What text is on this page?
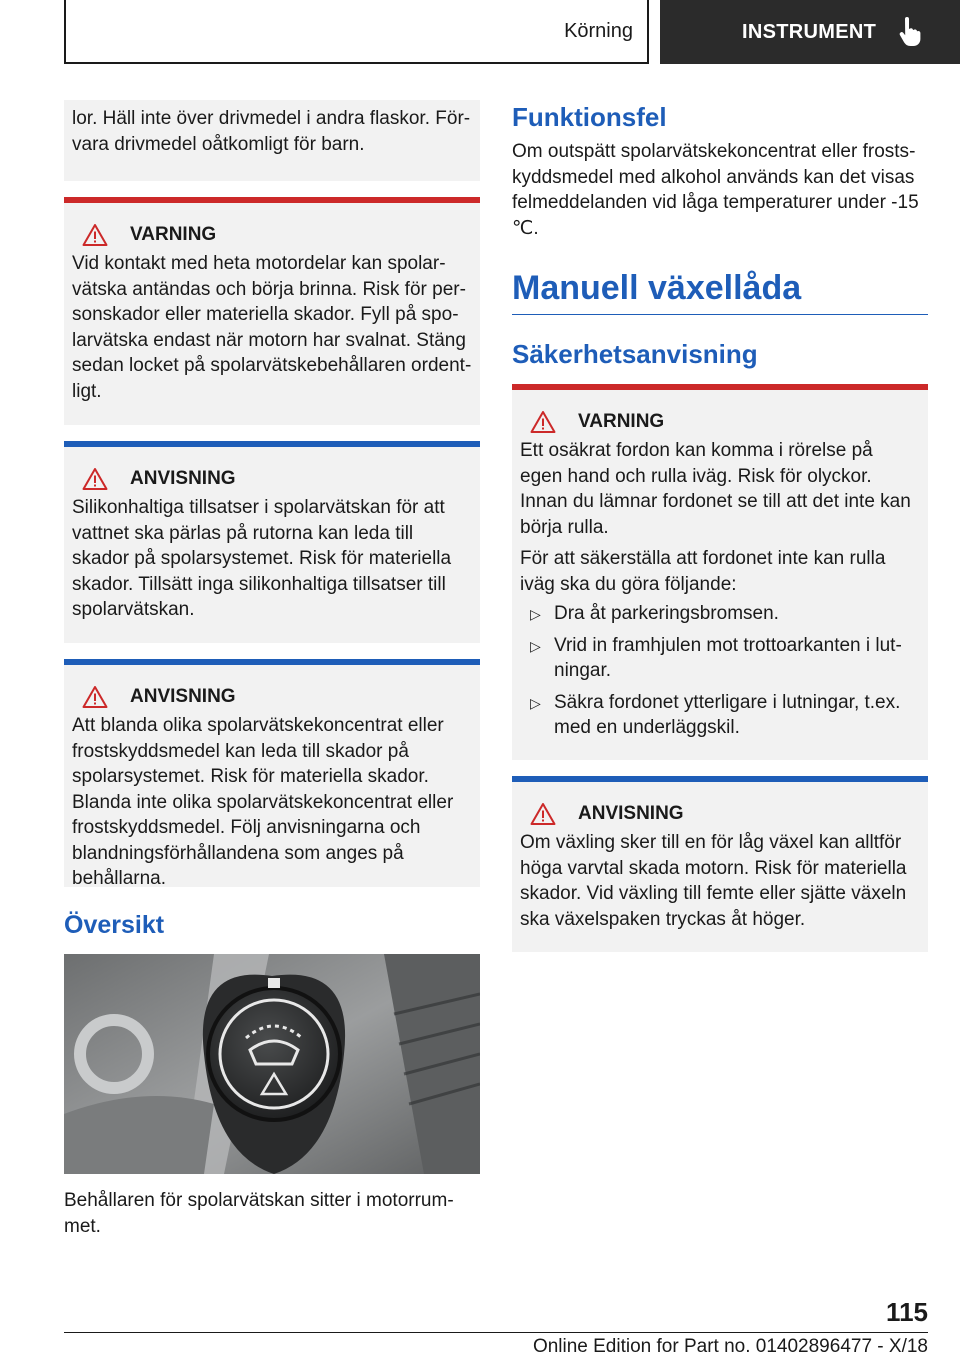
Körning	INSTRUMENT

lor. Häll inte över drivmedel i andra flaskor. Förvara drivmedel oåtkomligt för barn.

VARNING

Vid kontakt med heta motordelar kan spolarvätska antändas och börja brinna. Risk för personskador eller materiella skador. Fyll på spolarvätska endast när motorn har svalnat. Stäng sedan locket på spolarvätskebehållaren ordentligt.

ANVISNING

Silikonhaltiga tillsatser i spolarvätskan för att vattnet ska pärlas på rutorna kan leda till skador på spolarsystemet. Risk för materiella skador. Tillsätt inga silikonhaltiga tillsatser till spolarvätskan.

ANVISNING

Att blanda olika spolarvätskekoncentrat eller frostskyddsmedel kan leda till skador på spolarsystemet. Risk för materiella skador. Blanda inte olika spolarvätskekoncentrat eller frostskyddsmedel. Följ anvisningarna och blandningsförhållandena som anges på behållarna.

Översikt

Behållaren för spolarvätskan sitter i motorrummet.

Funktionsfel

Om outspätt spolarvätskekoncentrat eller frostskyddsmedel med alkohol används kan det visas felmeddelanden vid låga temperaturer under -15 ℃.

Manuell växellåda
Säkerhetsanvisning
VARNING

Ett osäkrat fordon kan komma i rörelse på egen hand och rulla iväg. Risk för olyckor. Innan du lämnar fordonet se till att det inte kan börja rulla.

För att säkerställa att fordonet inte kan rulla iväg ska du göra följande:

▷ Dra åt parkeringsbromsen.
▷ Vrid in framhjulen mot trottoarkanten i lutningar.
▷ Säkra fordonet ytterligare i lutningar, t.ex. med en underläggskil.
ANVISNING

Om växling sker till en för låg växel kan alltför höga varvtal skada motorn. Risk för materiella skador. Vid växling till femte eller sjätte växeln ska växelspaken tryckas åt höger.

115
Online Edition for Part no. 01402896477 - X/18
